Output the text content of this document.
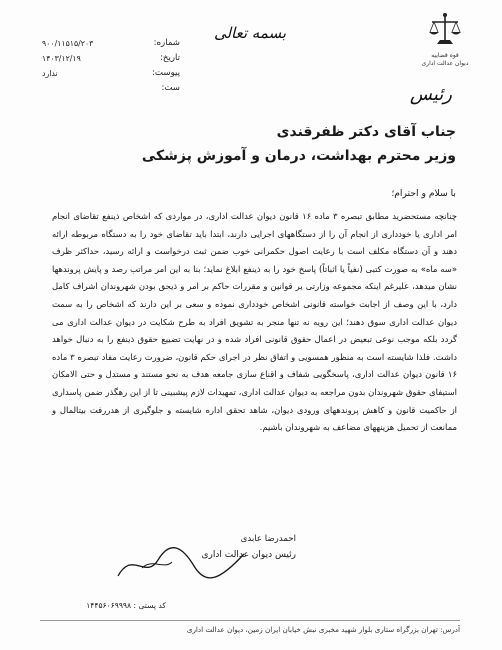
شماره:
۹۰۰/۱۱۵۱۵/۲۰۳
تاریخ:
۱۴۰۳/۱۲/۱۹
پیوست:
ندارد
ست:
بسمه تعالی
قوه قضاییه
دیوان عدالت اداری
رئیس
جناب آقای دکتر ظفرقندی
وزیر محترم بهداشت، درمان و آموزش پزشکی
با سلام و احترام؛

چنانچه مستحضرید مطابق تبصره ۳ ماده ۱۶ قانون دیوان عدالت اداری، در مواردی که اشخاص ذینفع تقاضای انجام امر اداری یا خودداری از انجام آن را از دستگاههای اجرایی دارند، ابتدا باید تقاضای خود را به دستگاه مربوطه ارائه دهند و آن دستگاه مکلف است با رعایت اصول حکمرانی خوب ضمن ثبت درخواست و ارائه رسید، حداکثر ظرف «سه ماه» به صورت کتبی (نفیاً یا اثباتاً) پاسخ خود را به ذینفع ابلاغ نماید؛ بنا به این امر مراتب رصد و پایش پروندهها نشان میدهد، علیرغم اینکه مجموعه وزارتی بر قوانین و مقررات حاکم بر امر و ذیحق بودن شهروندان اشراف کامل دارد، با این وصف از اجابت خواسته قانونی اشخاص خودداری نموده و سعی بر این دارند که اشخاص را به سمت دیوان عدالت اداری سوق دهند؛ این رویه نه تنها منجر به تشویق افراد به طرح شکایت در دیوان عدالت اداری می گردد بلکه موجب نوعی تبعیض در اعمال حقوق قانونی افراد شده و در نهایت تضییع حقوق ذینفع را به دنبال خواهد داشت. فلذا شایسته است به منظور همسویی و اتفاق نظر در اجرای حکم قانون، ضرورت رعایت مفاد تبصره ۳ ماده ۱۶ قانون دیوان عدالت اداری، پاسخگویی شفاف و اقناع سازی جامعه هدف به نحو مستند و مستدل و حتی الامکان استیفای حقوق شهروندان بدون مراجعه به دیوان عدالت اداری، تمهیدات لازم پیشبینی تا از این رهگذر ضمن پاسداری از حاکمیت قانون و کاهش پروندههای ورودی دیوان، شاهد تحقق اداره شایسته و جلوگیری از هدررفت بیتالمال و ممانعت از تحمیل هزینههای مضاعف به شهروندان باشیم.

احمدرضا عابدی
رئیس دیوان عدالت اداری
کد پستی : ۱۴۴۵۶۰۶۹۹۹۸
آدرس: تهران بزرگراه ستاری بلوار شهید مخبری نبش خیابان ایران زمین، دیوان عدالت اداری
